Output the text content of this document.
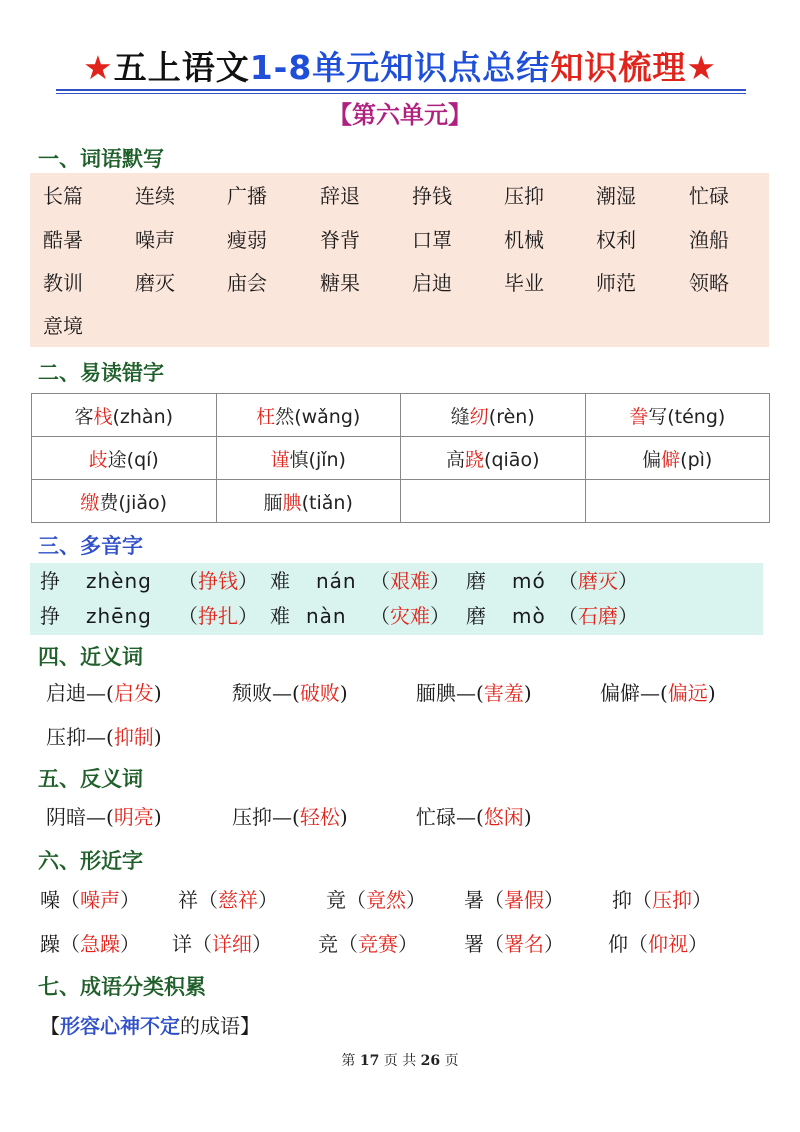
★五上语文1-8单元知识点总结知识梳理★
【第六单元】
一、词语默写
长篇	连续	广播	辞退	挣钱	压抑	潮湿	忙碌
酷暑	噪声	瘦弱	脊背	口罩	机械	权利	渔船
教训	磨灭	庙会	糖果	启迪	毕业	师范	领略
意境
二、易读错字
客栈(zhàn)	枉然(wǎng)	缝纫(rèn)	誊写(téng)
歧途(qí)	谨慎(jǐn)	高跷(qiāo)	偏僻(pì)
缴费(jiǎo)	腼腆(tiǎn)		
三、多音字
挣 zhèng （挣钱） 难 nán （艰难） 磨 mó （磨灭）
挣 zhēng （挣扎） 难 nàn （灾难） 磨 mò （石磨）
四、近义词
启迪—(启发)	颓败—(破败)	腼腆—(害羞)	偏僻—(偏远)
压抑—(抑制)
五、反义词
阴暗—(明亮)	压抑—(轻松)	忙碌—(悠闲)
六、形近字
噪（噪声） 祥（慈祥） 竟（竟然） 暑（暑假） 抑（压抑）
躁（急躁） 详（详细） 竞（竞赛） 署（署名） 仰（仰视）
七、成语分类积累
【形容心神不定的成语】
第 17 页 共 26 页
